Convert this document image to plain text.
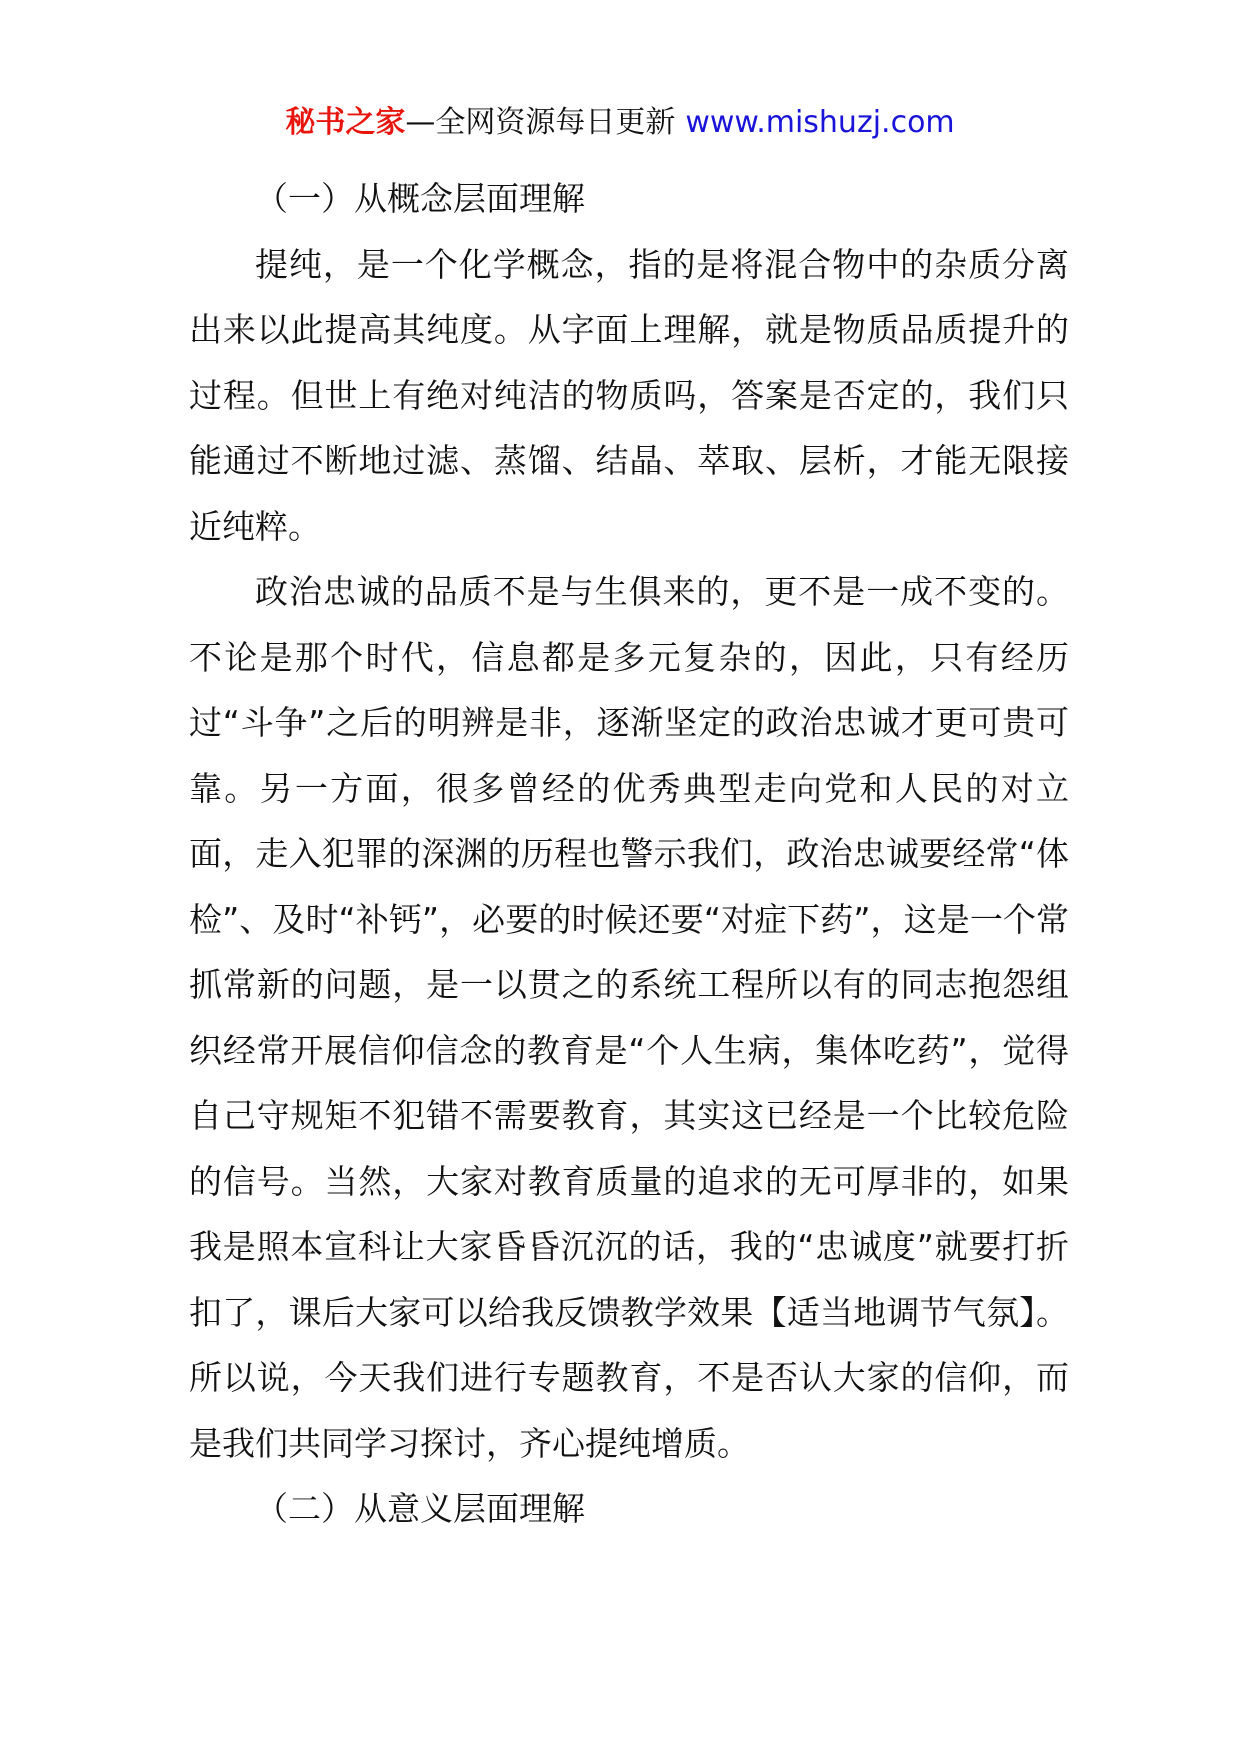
秘书之家—全网资源每日更新 www.mishuzj.com

（一）从概念层面理解

提纯，是一个化学概念，指的是将混合物中的杂质分离出来以此提高其纯度。从字面上理解，就是物质品质提升的过程。但世上有绝对纯洁的物质吗，答案是否定的，我们只能通过不断地过滤、蒸馏、结晶、萃取、层析，才能无限接近纯粹。

政治忠诚的品质不是与生俱来的，更不是一成不变的。不论是那个时代，信息都是多元复杂的，因此，只有经历过“斗争”之后的明辨是非，逐渐坚定的政治忠诚才更可贵可靠。另一方面，很多曾经的优秀典型走向党和人民的对立面，走入犯罪的深渊的历程也警示我们，政治忠诚要经常“体检”、及时“补钙”，必要的时候还要“对症下药”，这是一个常抓常新的问题，是一以贯之的系统工程所以有的同志抱怨组织经常开展信仰信念的教育是“个人生病，集体吃药”，觉得自己守规矩不犯错不需要教育，其实这已经是一个比较危险的信号。当然，大家对教育质量的追求的无可厚非的，如果我是照本宣科让大家昏昏沉沉的话，我的“忠诚度”就要打折扣了，课后大家可以给我反馈教学效果【适当地调节气氛】。所以说，今天我们进行专题教育，不是否认大家的信仰，而是我们共同学习探讨，齐心提纯增质。

（二）从意义层面理解
